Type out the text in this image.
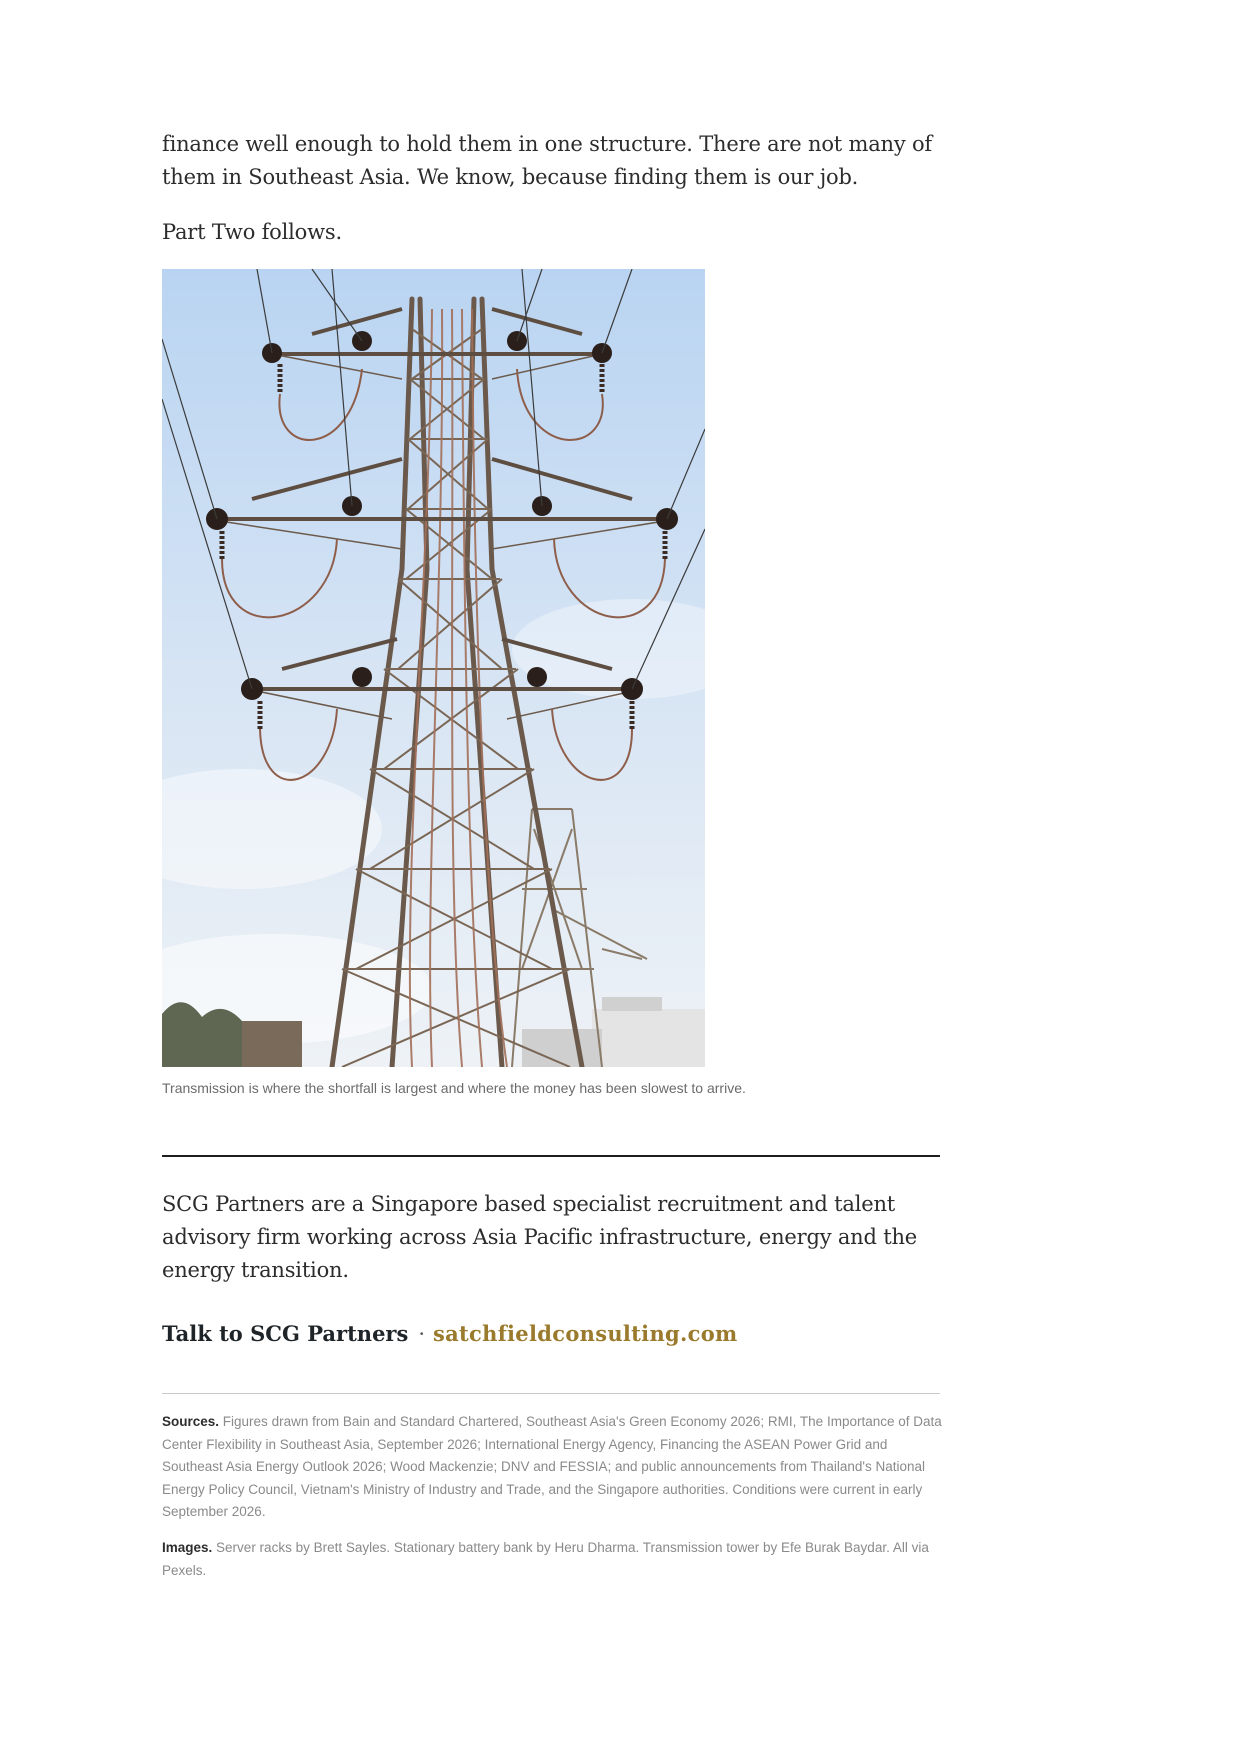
finance well enough to hold them in one structure. There are not many of them in Southeast Asia. We know, because finding them is our job.

Part Two follows.

Transmission is where the shortfall is largest and where the money has been slowest to arrive.

SCG Partners are a Singapore based specialist recruitment and talent advisory firm working across Asia Pacific infrastructure, energy and the energy transition.

Talk to SCG Partners · satchfieldconsulting.com

Sources. Figures drawn from Bain and Standard Chartered, Southeast Asia's Green Economy 2026; RMI, The Importance of Data Center Flexibility in Southeast Asia, September 2026; International Energy Agency, Financing the ASEAN Power Grid and Southeast Asia Energy Outlook 2026; Wood Mackenzie; DNV and FESSIA; and public announcements from Thailand's National Energy Policy Council, Vietnam's Ministry of Industry and Trade, and the Singapore authorities. Conditions were current in early September 2026.

Images. Server racks by Brett Sayles. Stationary battery bank by Heru Dharma. Transmission tower by Efe Burak Baydar. All via Pexels.
